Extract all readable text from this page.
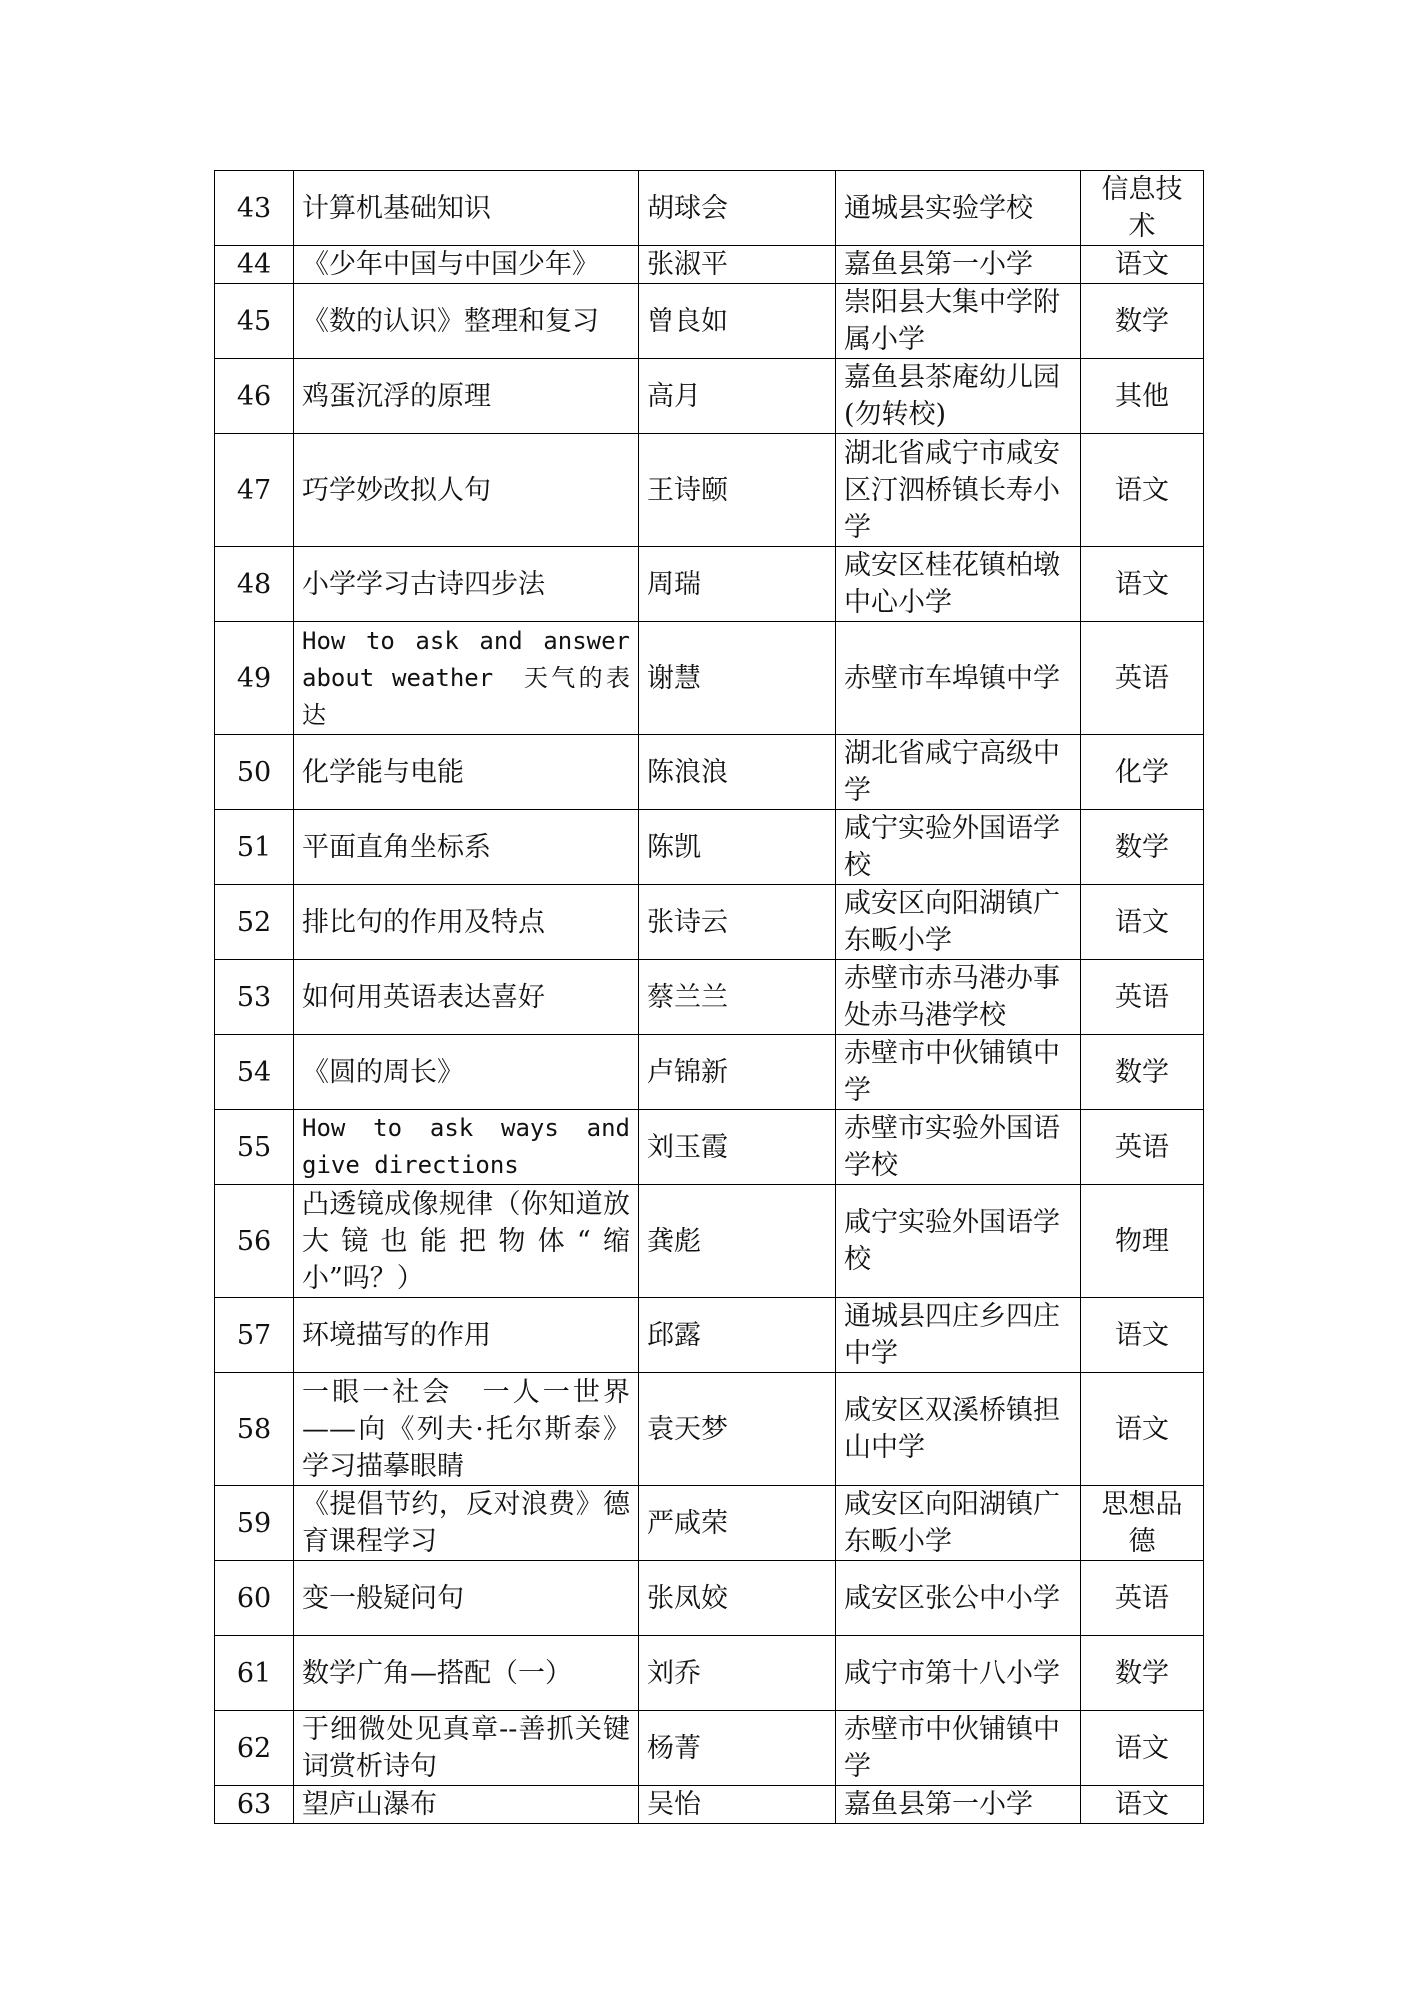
43	计算机基础知识	胡球会	通城县实验学校	信息技术
44	《少年中国与中国少年》	张淑平	嘉鱼县第一小学	语文
45	《数的认识》整理和复习	曾良如	崇阳县大集中学附属小学	数学
46	鸡蛋沉浮的原理	高月	嘉鱼县茶庵幼儿园(勿转校)	其他
47	巧学妙改拟人句	王诗颐	湖北省咸宁市咸安区汀泗桥镇长寿小学	语文
48	小学学习古诗四步法	周瑞	咸安区桂花镇柏墩中心小学	语文
49	How to ask and answer about weather　天气的表达	谢慧	赤壁市车埠镇中学	英语
50	化学能与电能	陈浪浪	湖北省咸宁高级中学	化学
51	平面直角坐标系	陈凯	咸宁实验外国语学校	数学
52	排比句的作用及特点	张诗云	咸安区向阳湖镇广东畈小学	语文
53	如何用英语表达喜好	蔡兰兰	赤壁市赤马港办事处赤马港学校	英语
54	《圆的周长》	卢锦新	赤壁市中伙铺镇中学	数学
55	How to ask ways and give directions	刘玉霞	赤壁市实验外国语学校	英语
56	凸透镜成像规律（你知道放大镜也能把物体“缩小”吗？）	龚彪	咸宁实验外国语学校	物理
57	环境描写的作用	邱露	通城县四庄乡四庄中学	语文
58	一眼一社会　一人一世界——向《列夫·托尔斯泰》学习描摹眼睛	袁天梦	咸安区双溪桥镇担山中学	语文
59	《提倡节约，反对浪费》德育课程学习	严咸荣	咸安区向阳湖镇广东畈小学	思想品德
60	变一般疑问句	张凤姣	咸安区张公中小学	英语
61	数学广角—搭配（一）	刘乔	咸宁市第十八小学	数学
62	于细微处见真章--善抓关键词赏析诗句	杨菁	赤壁市中伙铺镇中学	语文
63	望庐山瀑布	吴怡	嘉鱼县第一小学	语文
